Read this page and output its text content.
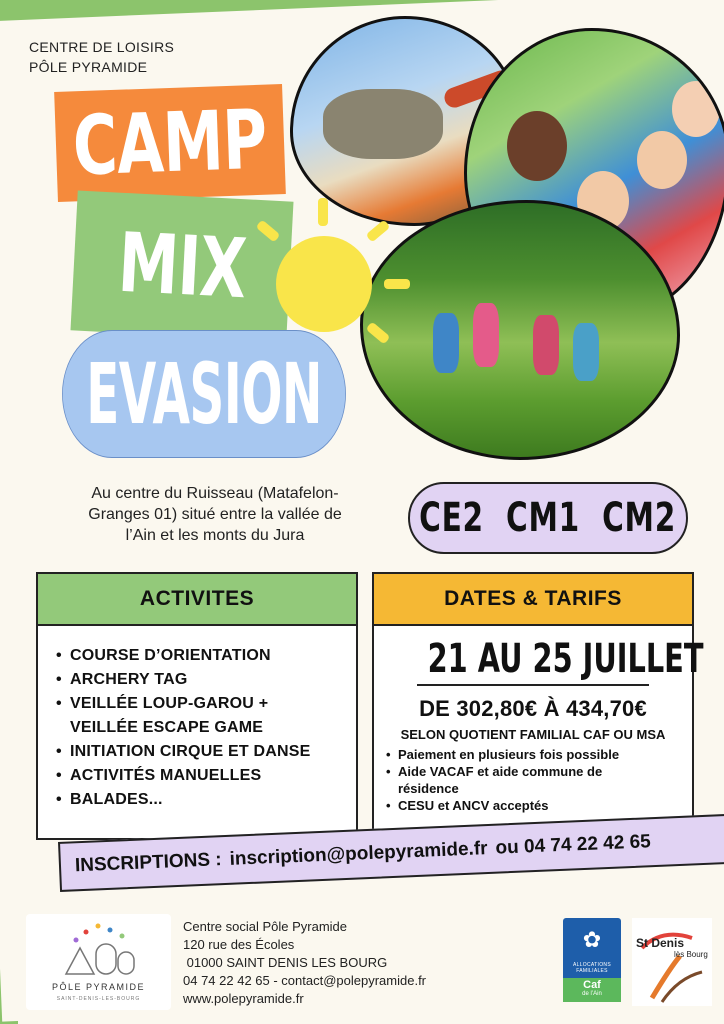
CENTRE DE LOISIRS
PÔLE PYRAMIDE
CAMP
MIX
EVASION
Au centre du Ruisseau (Matafelon-
Granges 01) situé entre la vallée de
l’Ain et les monts du Jura	CE2  CM1  CM2
ACTIVITES
• COURSE D’ORIENTATION
• ARCHERY TAG
• VEILLÉE LOUP-GAROU +
VEILLÉE ESCAPE GAME
• INITIATION CIRQUE ET DANSE
• ACTIVITÉS MANUELLES
• BALADES...
DATES & TARIFS
21 AU 25 JUILLET
DE 302,80€ À 434,70€
SELON QUOTIENT FAMILIAL CAF OU MSA
• Paiement en plusieurs fois possible
• Aide VACAF et aide commune de
résidence
• CESU et ANCV acceptés
INSCRIPTIONS : inscription@polepyramide.fr ou 04 74 22 42 65
PÔLE PYRAMIDE
SAINT-DENIS-LES-BOURG
Centre social Pôle Pyramide
120 rue des Écoles
01000 SAINT DENIS LES BOURG
04 74 22 42 65 - contact@polepyramide.fr
www.polepyramide.fr
✿
ALLOCATIONS
FAMILIALES
Caf
de l’Ain
St Denis
lès Bourg
